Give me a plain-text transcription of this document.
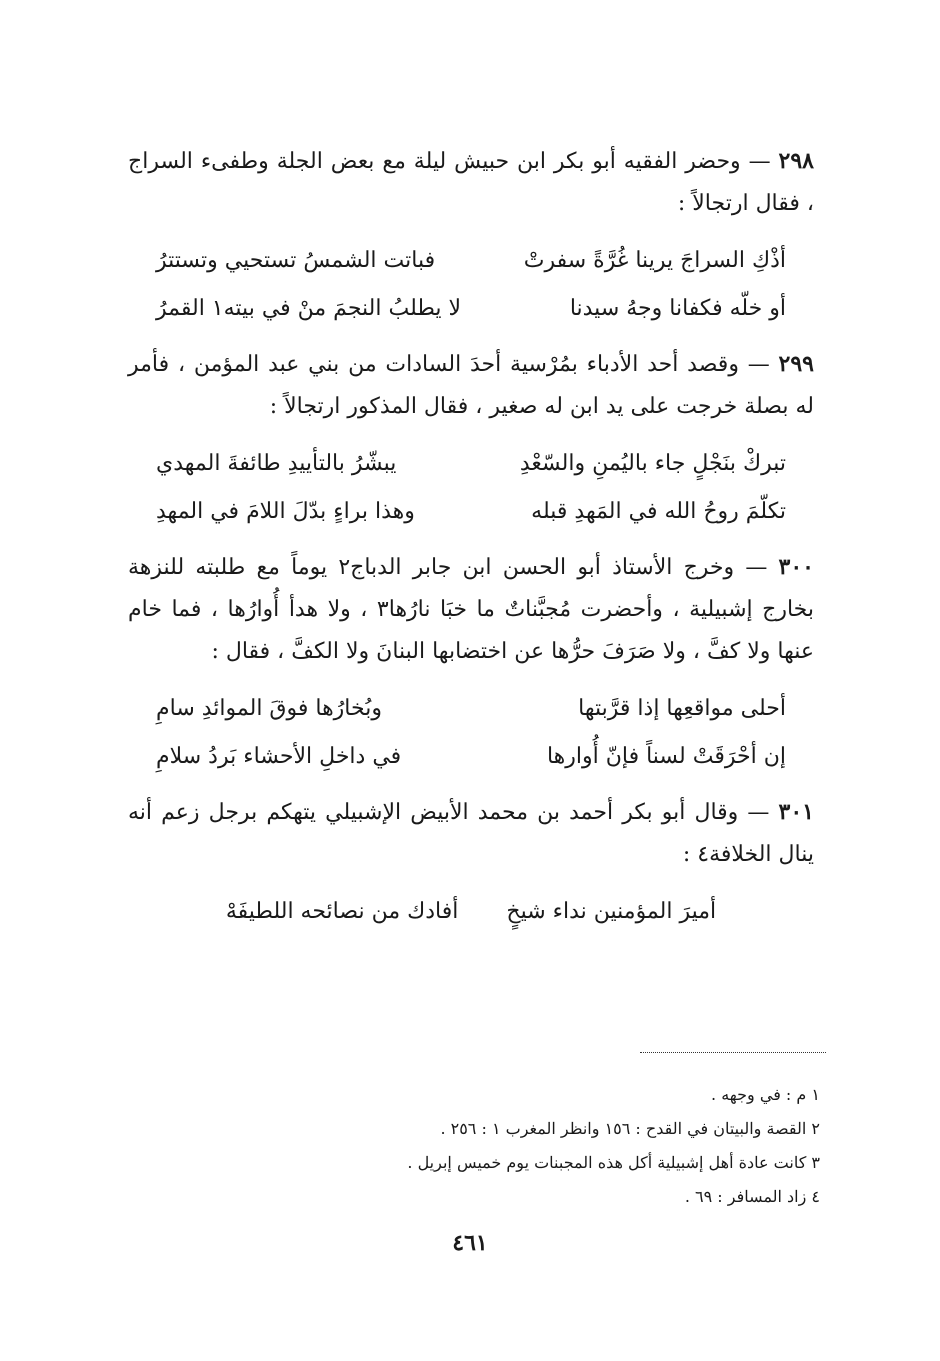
٢٩٨ — وحضر الفقيه أبو بكر ابن حبيش ليلة مع بعض الجلة وطفىء السراج ، فقال ارتجالاً :

أذْكِ السراجَ يرينا غُرَّةً سفرتْ
فباتت الشمسُ تستحيي وتستترُ
أو خلّه فكفانا وجهُ سيدنا
لا يطلبُ النجمَ منْ في بيته١ القمرُ

٢٩٩ — وقصد أحد الأدباء بمُرْسية أحدَ السادات من بني عبد المؤمن ، فأمر له بصلة خرجت على يد ابن له صغير ، فقال المذكور ارتجالاً :

تبركْ بنَجْلٍ جاء باليُمنِ والسّعْدِ
يبشّرُ بالتأييدِ طائفةَ المهدي
تكلّمَ روحُ الله في المَهدِ قبله
وهذا براءٍ بدّلَ اللامَ في المهدِ

٣٠٠ — وخرج الأستاذ أبو الحسن ابن جابر الدباج٢ يوماً مع طلبته للنزهة بخارج إشبيلية ، وأحضرت مُجبَّناتٌ ما خبَا نارُها٣ ، ولا هدأ أُوارُها ، فما خام عنها ولا كفَّ ، ولا صَرَفَ حرُّها عن اختضابها البنانَ ولا الكفَّ ، فقال :

أحلى مواقعِها إذا قرَّبتها
وبُخارُها فوقَ الموائدِ سامِ
إن أحْرَقَتْ لسناً فإنّ أُوارها
في داخلِ الأحشاء بَردُ سلامِ

٣٠١ — وقال أبو بكر أحمد بن محمد الأبيض الإشبيلي يتهكم برجل زعم أنه ينال الخلافة٤ :

أميرَ المؤمنين نداء شيخٍ
أفادك من نصائحه اللطيفَهْ
١ م : في وجهه .
٢ القصة والبيتان في القدح : ١٥٦ وانظر المغرب ١ : ٢٥٦ .
٣ كانت عادة أهل إشبيلية أكل هذه المجبنات يوم خميس إبريل .
٤ زاد المسافر : ٦٩ .
٤٦١
